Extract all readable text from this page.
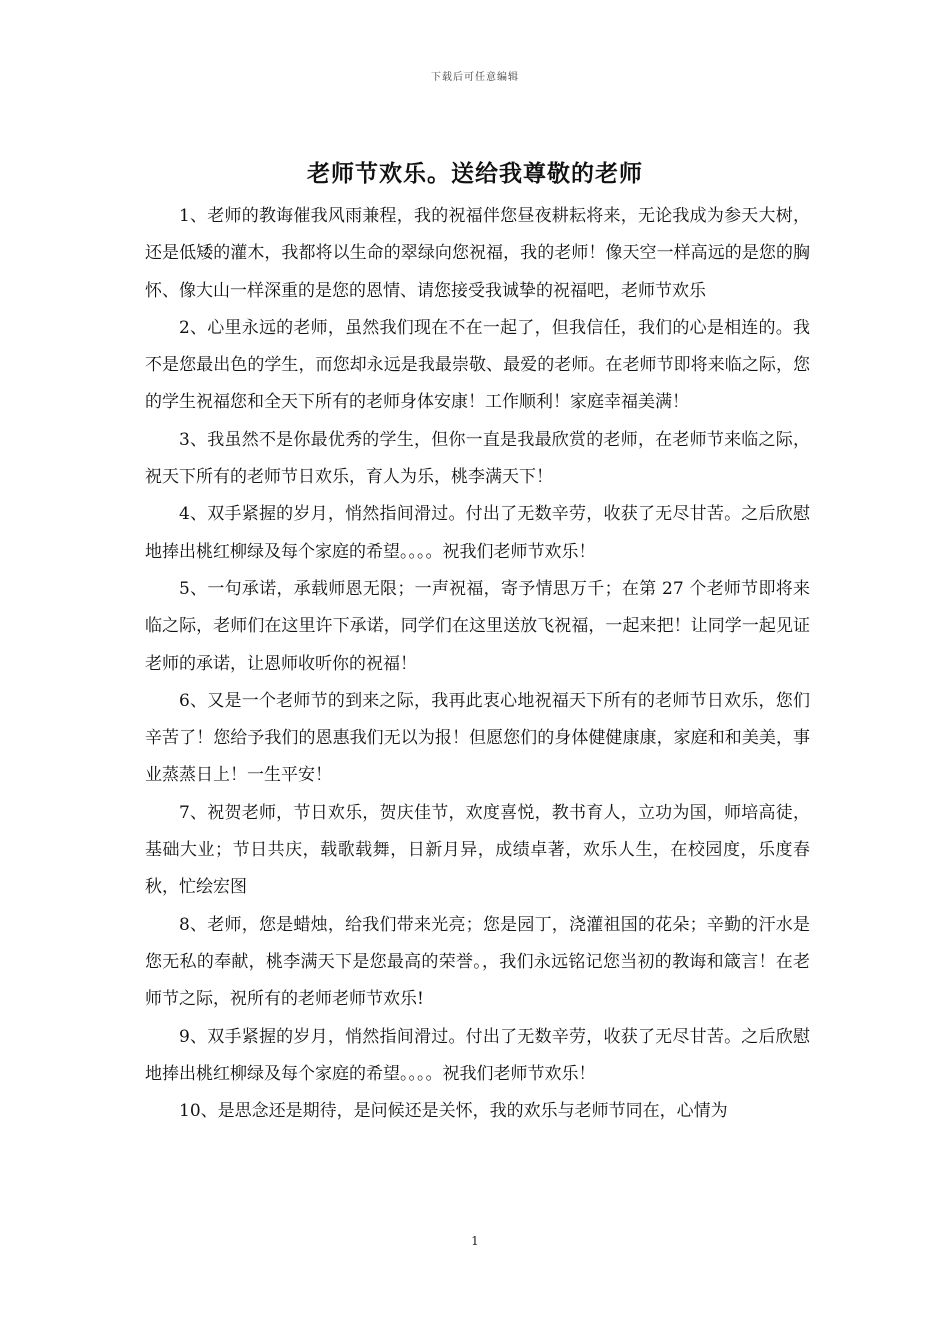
下载后可任意编辑
老师节欢乐。送给我尊敬的老师

1、老师的教诲催我风雨兼程，我的祝福伴您昼夜耕耘将来，无论我成为参天大树，还是低矮的灌木，我都将以生命的翠绿向您祝福，我的老师！像天空一样高远的是您的胸怀、像大山一样深重的是您的恩情、请您接受我诚挚的祝福吧，老师节欢乐

2、心里永远的老师，虽然我们现在不在一起了，但我信任，我们的心是相连的。我不是您最出色的学生，而您却永远是我最崇敬、最爱的老师。在老师节即将来临之际，您的学生祝福您和全天下所有的老师身体安康！工作顺利！家庭幸福美满！

3、我虽然不是你最优秀的学生，但你一直是我最欣赏的老师，在老师节来临之际，祝天下所有的老师节日欢乐，育人为乐，桃李满天下！

4、双手紧握的岁月，悄然指间滑过。付出了无数辛劳，收获了无尽甘苦。之后欣慰地捧出桃红柳绿及每个家庭的希望。。。。祝我们老师节欢乐！

5、一句承诺，承载师恩无限；一声祝福，寄予情思万千；在第 27 个老师节即将来临之际，老师们在这里许下承诺，同学们在这里送放飞祝福，一起来把！让同学一起见证老师的承诺，让恩师收听你的祝福！

6、又是一个老师节的到来之际，我再此衷心地祝福天下所有的老师节日欢乐，您们辛苦了！您给予我们的恩惠我们无以为报！但愿您们的身体健健康康，家庭和和美美，事业蒸蒸日上！一生平安！

7、祝贺老师，节日欢乐，贺庆佳节，欢度喜悦，教书育人，立功为国，师培高徒，基础大业；节日共庆，载歌载舞，日新月异，成绩卓著，欢乐人生，在校园度，乐度春秋，忙绘宏图

8、老师，您是蜡烛，给我们带来光亮；您是园丁，浇灌祖国的花朵；辛勤的汗水是您无私的奉献，桃李满天下是您最高的荣誉。，我们永远铭记您当初的教诲和箴言！在老师节之际，祝所有的老师老师节欢乐!

9、双手紧握的岁月，悄然指间滑过。付出了无数辛劳，收获了无尽甘苦。之后欣慰地捧出桃红柳绿及每个家庭的希望。。。。祝我们老师节欢乐！

10、是思念还是期待，是问候还是关怀，我的欢乐与老师节同在，心情为

1
